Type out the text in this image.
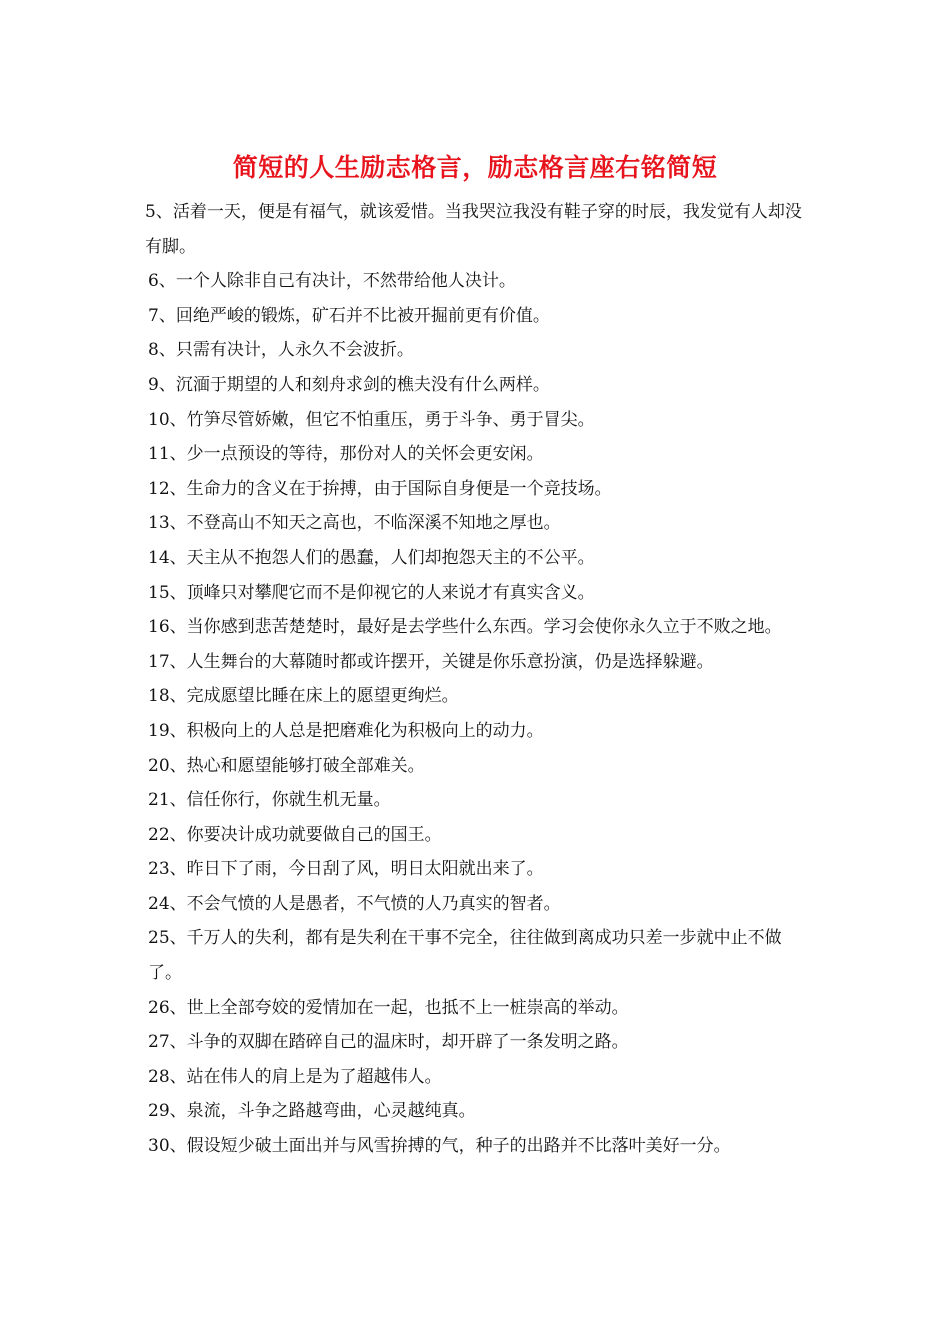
简短的人生励志格言，励志格言座右铭简短

5、活着一天，便是有福气，就该爱惜。当我哭泣我没有鞋子穿的时辰，我发觉有人却没有脚。

6、一个人除非自己有决计，不然带给他人决计。

7、回绝严峻的锻炼，矿石并不比被开掘前更有价值。

8、只需有决计，人永久不会波折。

9、沉湎于期望的人和刻舟求剑的樵夫没有什么两样。

10、竹笋尽管娇嫩，但它不怕重压，勇于斗争、勇于冒尖。

11、少一点预设的等待，那份对人的关怀会更安闲。

12、生命力的含义在于拚搏，由于国际自身便是一个竞技场。

13、不登高山不知天之高也，不临深溪不知地之厚也。

14、天主从不抱怨人们的愚蠢，人们却抱怨天主的不公平。

15、顶峰只对攀爬它而不是仰视它的人来说才有真实含义。

16、当你感到悲苦楚楚时，最好是去学些什么东西。学习会使你永久立于不败之地。

17、人生舞台的大幕随时都或许摆开，关键是你乐意扮演，仍是选择躲避。

18、完成愿望比睡在床上的愿望更绚烂。

19、积极向上的人总是把磨难化为积极向上的动力。

20、热心和愿望能够打破全部难关。

21、信任你行，你就生机无量。

22、你要决计成功就要做自己的国王。

23、昨日下了雨，今日刮了风，明日太阳就出来了。

24、不会气愤的人是愚者，不气愤的人乃真实的智者。

25、千万人的失利，都有是失利在干事不完全，往往做到离成功只差一步就中止不做了。

26、世上全部夸姣的爱情加在一起，也抵不上一桩崇高的举动。

27、斗争的双脚在踏碎自己的温床时，却开辟了一条发明之路。

28、站在伟人的肩上是为了超越伟人。

29、泉流，斗争之路越弯曲，心灵越纯真。

30、假设短少破土面出并与风雪拚搏的气，种子的出路并不比落叶美好一分。
